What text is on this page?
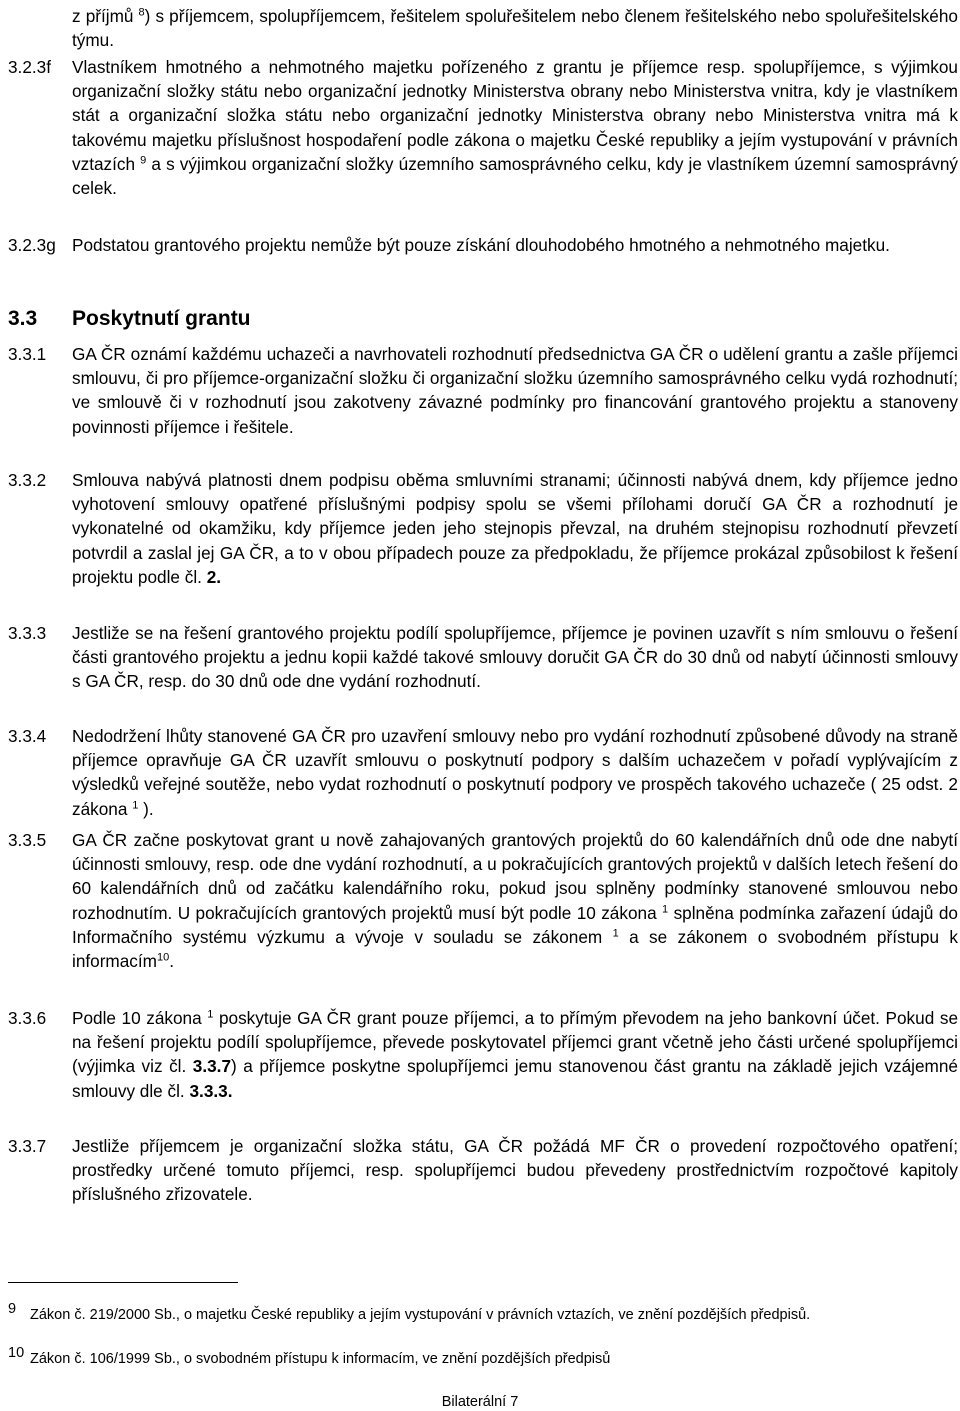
z příjmů $^8$) s příjemcem, spolupříjemcem, řešitelem spoluřešitelem nebo členem řešitelského nebo spoluřešitelského týmu.
3.2.3f	Vlastníkem hmotného a nehmotného majetku pořízeného z grantu je příjemce resp. spolupříjemce, s výjimkou organizační složky státu nebo organizační jednotky Ministerstva obrany nebo Ministerstva vnitra, kdy je vlastníkem stát a organizační složka státu nebo organizační jednotky Ministerstva obrany nebo Ministerstva vnitra má k takovému majetku příslušnost hospodaření podle zákona o majetku České republiky a jejím vystupování v právních vztazích $^9$ a s výjimkou organizační složky územního samosprávného celku, kdy je vlastníkem územní samosprávný celek.
3.2.3g Podstatou grantového projektu nemůže být pouze získání dlouhodobého hmotného a nehmotného majetku.
3.3 Poskytnutí grantu
3.3.1	GA ČR oznámí každému uchazeči a navrhovateli rozhodnutí předsednictva GA ČR o udělení grantu a zašle příjemci smlouvu, či pro příjemce-organizační složku či organizační složku územního samosprávného celku vydá rozhodnutí; ve smlouvě či v rozhodnutí jsou zakotveny závazné podmínky pro financování grantového projektu a stanoveny povinnosti příjemce i řešitele.
3.3.2	Smlouva nabývá platnosti dnem podpisu oběma smluvními stranami; účinnosti nabývá dnem, kdy příjemce jedno vyhotovení smlouvy opatřené příslušnými podpisy spolu se všemi přílohami doručí GA ČR a rozhodnutí je vykonatelné od okamžiku, kdy příjemce jeden jeho stejnopis převzal, na druhém stejnopisu rozhodnutí převzetí potvrdil a zaslal jej GA ČR, a to v obou případech pouze za předpokladu, že příjemce prokázal způsobilost k řešení projektu podle čl. 2.
3.3.3	Jestliže se na řešení grantového projektu podílí spolupříjemce, příjemce je povinen uzavřít s ním smlouvu o řešení části grantového projektu a jednu kopii každé takové smlouvy doručit GA ČR do 30 dnů od nabytí účinnosti smlouvy s GA ČR, resp. do 30 dnů ode dne vydání rozhodnutí.
3.3.4	Nedodržení lhůty stanovené GA ČR pro uzavření smlouvy nebo pro vydání rozhodnutí způsobené důvody na straně příjemce opravňuje GA ČR uzavřít smlouvu o poskytnutí podpory s dalším uchazečem v pořadí vyplývajícím z výsledků veřejné soutěže, nebo vydat rozhodnutí o poskytnutí podpory ve prospěch takového uchazeče ( 25 odst. 2 zákona $^1$ ).
3.3.5	GA ČR začne poskytovat grant u nově zahajovaných grantových projektů do 60 kalendářních dnů ode dne nabytí účinnosti smlouvy, resp. ode dne vydání rozhodnutí, a u pokračujících grantových projektů v dalších letech řešení do 60 kalendářních dnů od začátku kalendářního roku, pokud jsou splněny podmínky stanovené smlouvou nebo rozhodnutím. U pokračujících grantových projektů musí být podle 10 zákona $^1$ splněna podmínka zařazení údajů do Informačního systému výzkumu a vývoje v souladu se zákonem $^1$ a se zákonem o svobodném přístupu k informacím$^{10}$.
3.3.6	Podle 10 zákona $^1$ poskytuje GA ČR grant pouze příjemci, a to přímým převodem na jeho bankovní účet. Pokud se na řešení projektu podílí spolupříjemce, převede poskytovatel příjemci grant včetně jeho části určené spolupříjemci (výjimka viz čl. 3.3.7) a příjemce poskytne spolupříjemci jemu stanovenou část grantu na základě jejich vzájemné smlouvy dle čl. 3.3.3.
3.3.7	Jestliže příjemcem je organizační složka státu, GA ČR požádá MF ČR o provedení rozpočtového opatření; prostředky určené tomuto příjemci, resp. spolupříjemci budou převedeny prostřednictvím rozpočtové kapitoly příslušného zřizovatele.
9 Zákon č. 219/2000 Sb., o majetku České republiky a jejím vystupování v právních vztazích, ve znění pozdějších předpisů.
10 Zákon č. 106/1999 Sb., o svobodném přístupu k informacím, ve znění pozdějších předpisů
Bilaterální 7
